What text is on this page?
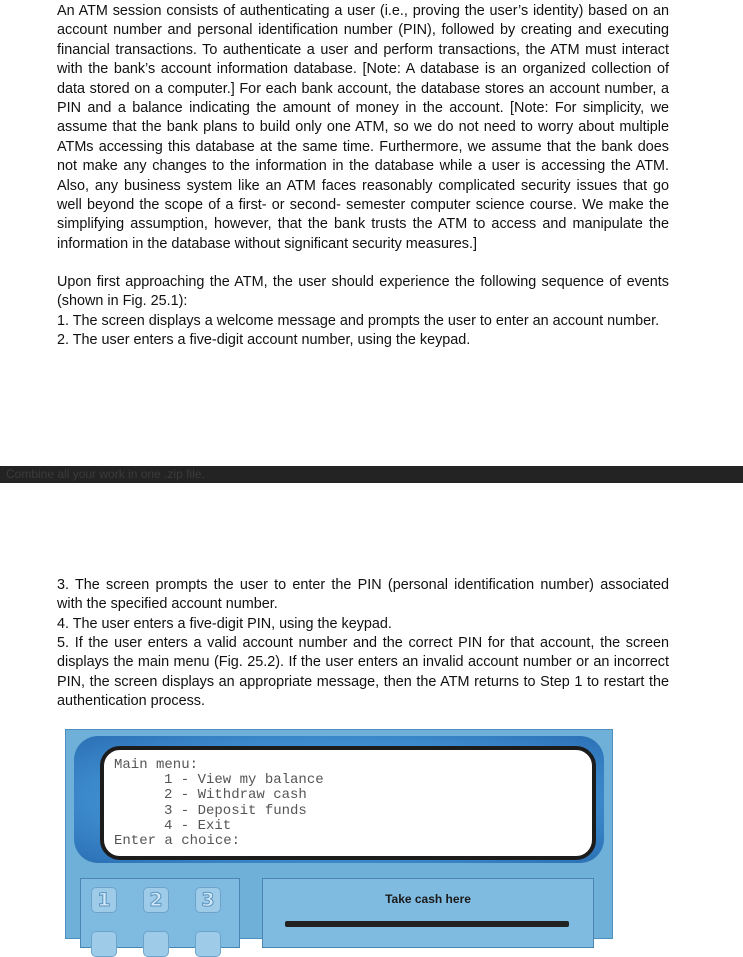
An ATM session consists of authenticating a user (i.e., proving the user’s identity) based on an account number and personal identification number (PIN), followed by creating and executing financial transactions. To authenticate a user and perform transactions, the ATM must interact with the bank’s account information database. [Note: A database is an organized collection of data stored on a computer.] For each bank account, the database stores an account number, a PIN and a balance indicating the amount of money in the account. [Note: For simplicity, we assume that the bank plans to build only one ATM, so we do not need to worry about multiple ATMs accessing this database at the same time. Furthermore, we assume that the bank does not make any changes to the information in the database while a user is accessing the ATM. Also, any business system like an ATM faces reasonably complicated security issues that go well beyond the scope of a first- or second- semester computer science course. We make the simplifying assumption, however, that the bank trusts the ATM to access and manipulate the information in the database without significant security measures.]

Upon first approaching the ATM, the user should experience the following sequence of events (shown in Fig. 25.1):

1. The screen displays a welcome message and prompts the user to enter an account number.

2. The user enters a five-digit account number, using the keypad.

Combine all your work in one .zip file.

3. The screen prompts the user to enter the PIN (personal identification number) associated with the specified account number.

4. The user enters a five-digit PIN, using the keypad.

5. If the user enters a valid account number and the correct PIN for that account, the screen displays the main menu (Fig. 25.2). If the user enters an invalid account number or an incorrect PIN, the screen displays an appropriate message, then the ATM returns to Step 1 to restart the authentication process.

Main menu:
1 - View my balance
2 - Withdraw cash
3 - Deposit funds
4 - Exit
Enter a choice:
1	2	3	Take cash here
